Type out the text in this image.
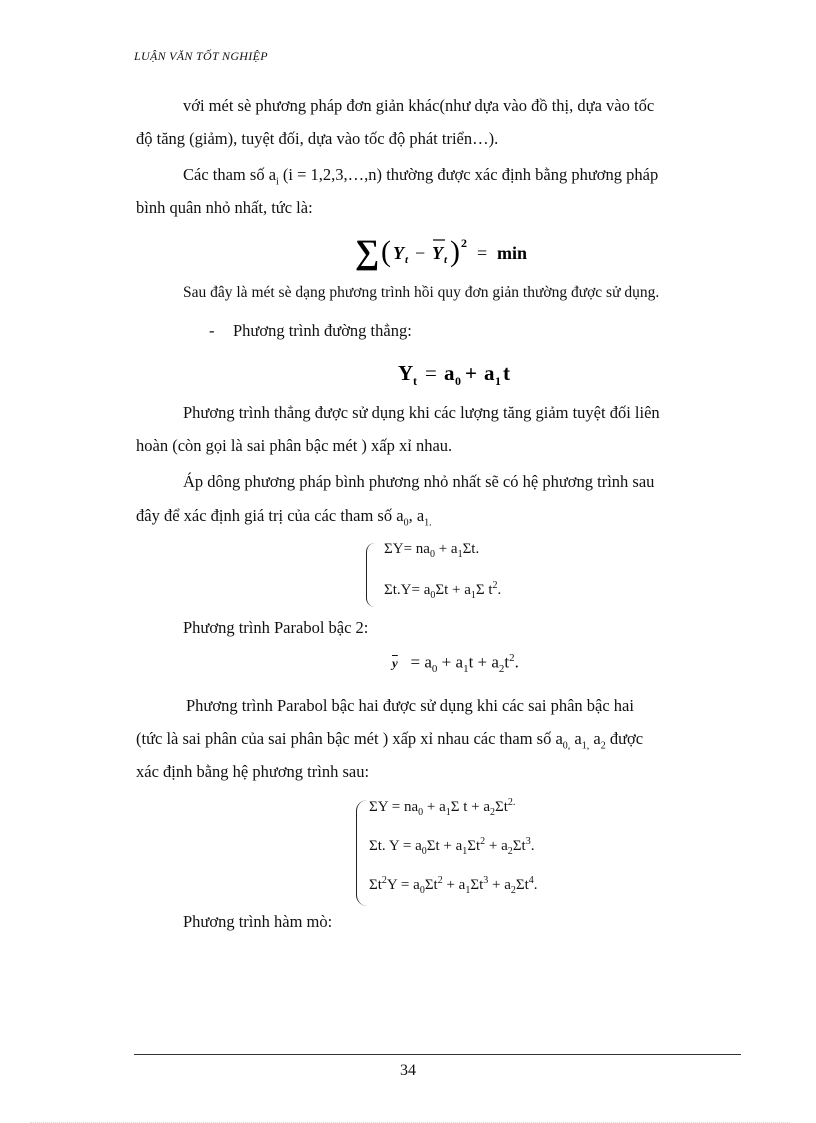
LUẬN VĂN TỐT NGHIỆP
với mét sè phương pháp đơn giản khác(như dựa vào đồ thị, dựa vào tốc
độ tăng (giảm), tuyệt đối, dựa vào tốc độ phát triển…).
Các tham số $a_i$ (i = 1,2,3,…,n) thường được xác định bằng phương pháp
bình quân nhỏ nhất, tức là:
∑ ( Y t − Y t ) 2 = min
Sau đây là mét sè dạng phương trình hồi quy đơn giản thường được sử dụng.
- Phương trình đường thẳng:
Y t = a 0 + a 1 t
Phương trình thẳng được sử dụng khi các lượng tăng giảm tuyệt đối liên
hoàn (còn gọi là sai phân bậc mét ) xấp xỉ nhau.
Áp dông phương pháp bình phương nhỏ nhất sẽ có hệ phương trình sau
đây để xác định giá trị của các tham số $a_0$, $a_{1.}$
$\Sigma Y= na_0 + a_1\Sigma t$.
$\Sigma t.Y= a_0\Sigma t + a_1\Sigma$ $t^2$.
Phương trình Parabol bậc 2:
$\overline{y} = a_0 + a_1t + a_2t^2$.
Phương trình Parabol bậc hai được sử dụng khi các sai phân bậc hai
(tức là sai phân của sai phân bậc mét ) xấp xỉ nhau các tham số $a_{0,}$ $a_{1,}$ $a_2$ được
xác định bằng hệ phương trình sau:
$\Sigma Y = na_0 + a_1\Sigma$ $t + a_2\Sigma t^{2.}$
Σt. $Y = a_0\Sigma t + a_1\Sigma t^2 + a_2\Sigma t^3$.
$\Sigma t^2Y = a_0\Sigma t^2 + a_1\Sigma t^3 + a_2\Sigma t^4$.
Phương trình hàm mò:
34
